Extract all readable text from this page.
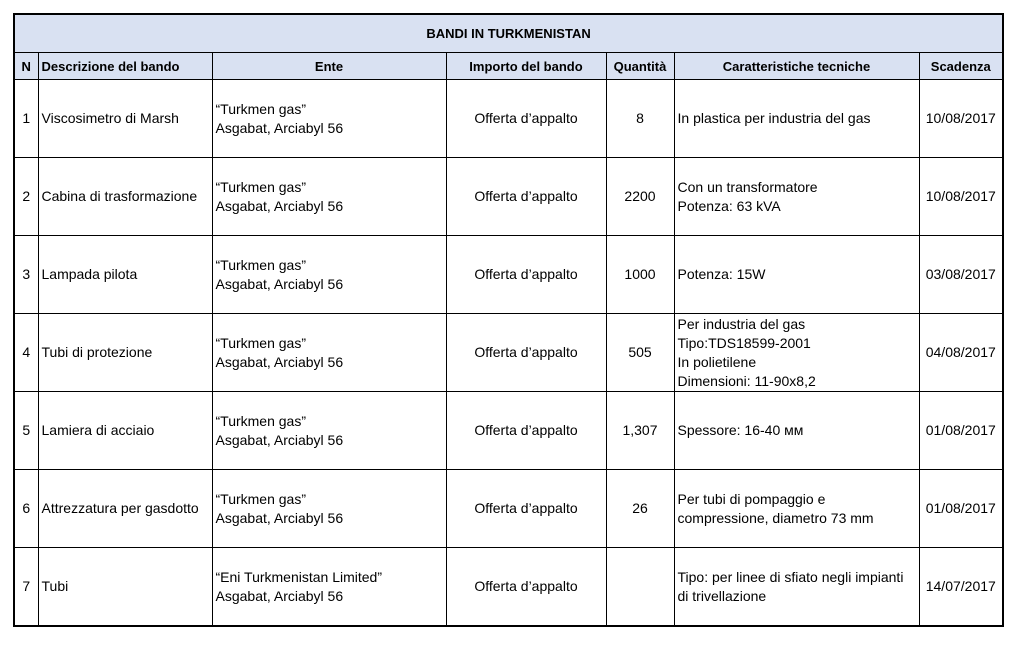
BANDI IN TURKMENISTAN						
N	Descrizione del bando	Ente	Importo del bando	Quantità	Caratteristiche tecniche	Scadenza
1	Viscosimetro di Marsh	“Turkmen gas”
Asgabat, Arciabyl 56	Offerta d’appalto	8	In plastica per industria del gas	10/08/2017
2	Cabina di trasformazione	“Turkmen gas”
Asgabat, Arciabyl 56	Offerta d’appalto	2200	Con un transformatore
Potenza: 63 kVA	10/08/2017
3	Lampada pilota	“Turkmen gas”
Asgabat, Arciabyl 56	Offerta d’appalto	1000	Potenza: 15W	03/08/2017
4	Tubi di protezione	“Turkmen gas”
Asgabat, Arciabyl 56	Offerta d’appalto	505	Per industria del gas
Tipo:TDS18599-2001
In polietilene
Dimensioni: 11-90x8,2	04/08/2017
5	Lamiera di acciaio	“Turkmen gas”
Asgabat, Arciabyl 56	Offerta d’appalto	1,307	Spessore: 16-40 мм	01/08/2017
6	Attrezzatura per gasdotto	“Turkmen gas”
Asgabat, Arciabyl 56	Offerta d’appalto	26	Per tubi di pompaggio e
compressione, diametro 73 mm	01/08/2017
7	Tubi	“Eni Turkmenistan Limited”
Asgabat, Arciabyl 56	Offerta d’appalto		Tipo: per linee di sfiato negli impianti
di trivellazione	14/07/2017
